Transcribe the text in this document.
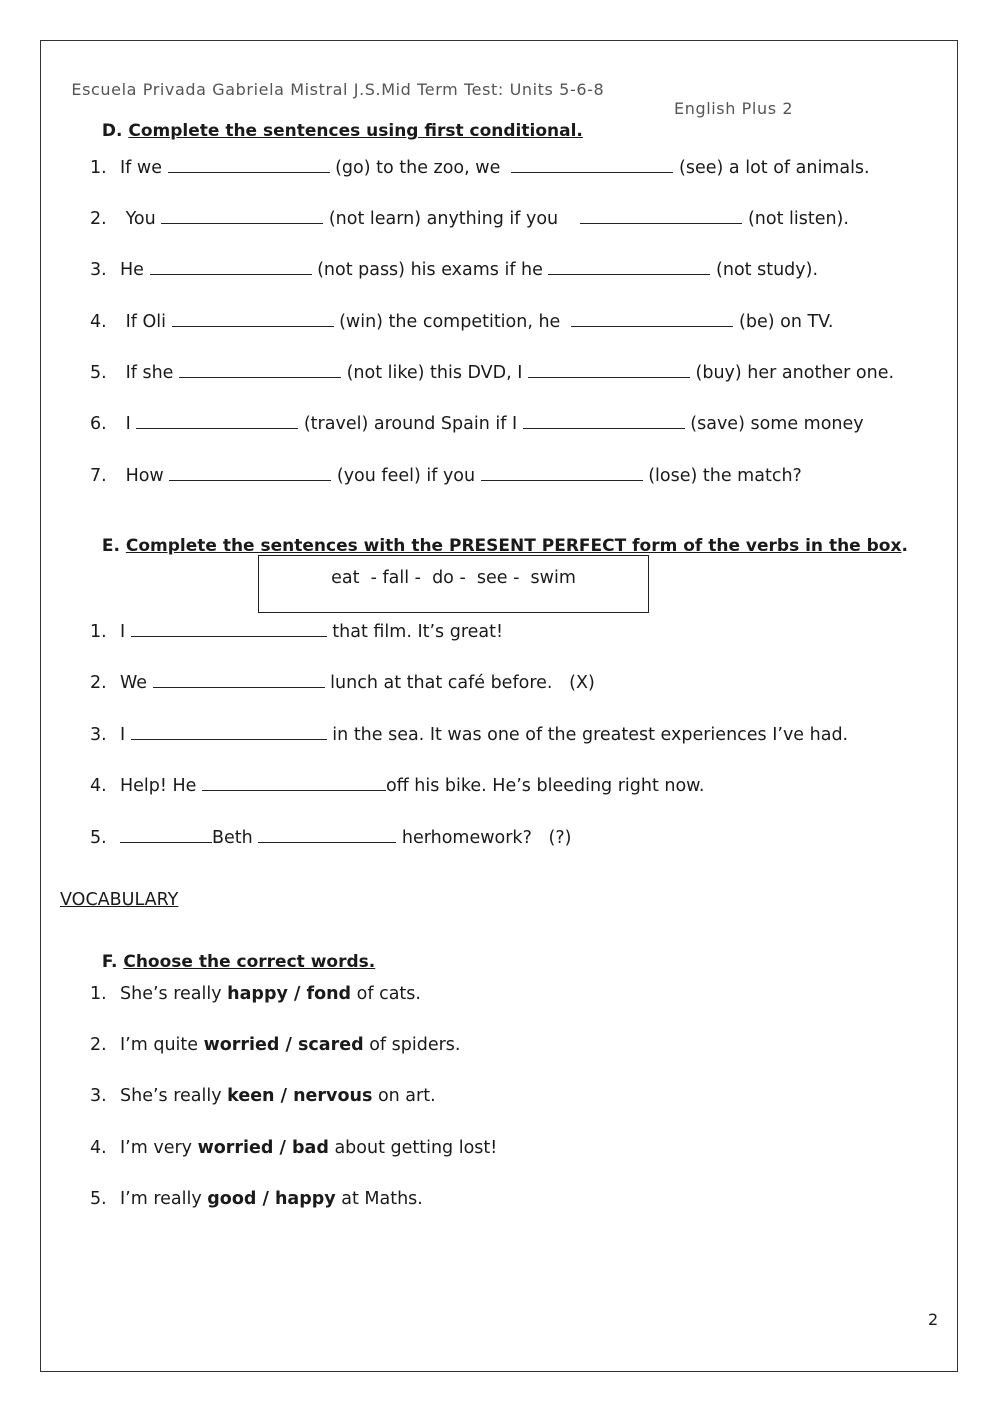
Escuela Privada Gabriela Mistral J.S.Mid Term Test: Units 5-6-8

English Plus 2

D. Complete the sentences using first conditional.

1. If we	(go) to the zoo, we	(see) a lot of animals.
2. You	(not learn) anything if you	(not listen).
3. He	(not pass) his exams if he	(not study).
4. If Oli	(win) the competition, he	(be) on TV.
5. If she	(not like) this DVD, I	(buy) her another one.
6. I	(travel) around Spain if I	(save) some money
7. How	(you feel) if you	(lose) the match?

E. Complete the sentences with the PRESENT PERFECT form of the verbs in the box.

eat  - fall -  do -  see -  swim
1. I	that film. It’s great!
2. We	lunch at that café before.   (X)
3. I	in the sea. It was one of the greatest experiences I’ve had.
4. Help! He	off his bike. He’s bleeding right now.
5.	Beth	herhomework?   (?)
VOCABULARY

F. Choose the correct words.

1. She’s really happy / fond of cats.
2. I’m quite worried / scared of spiders.
3. She’s really keen / nervous on art.
4. I’m very worried / bad about getting lost!
5. I’m really good / happy at Maths.
2
